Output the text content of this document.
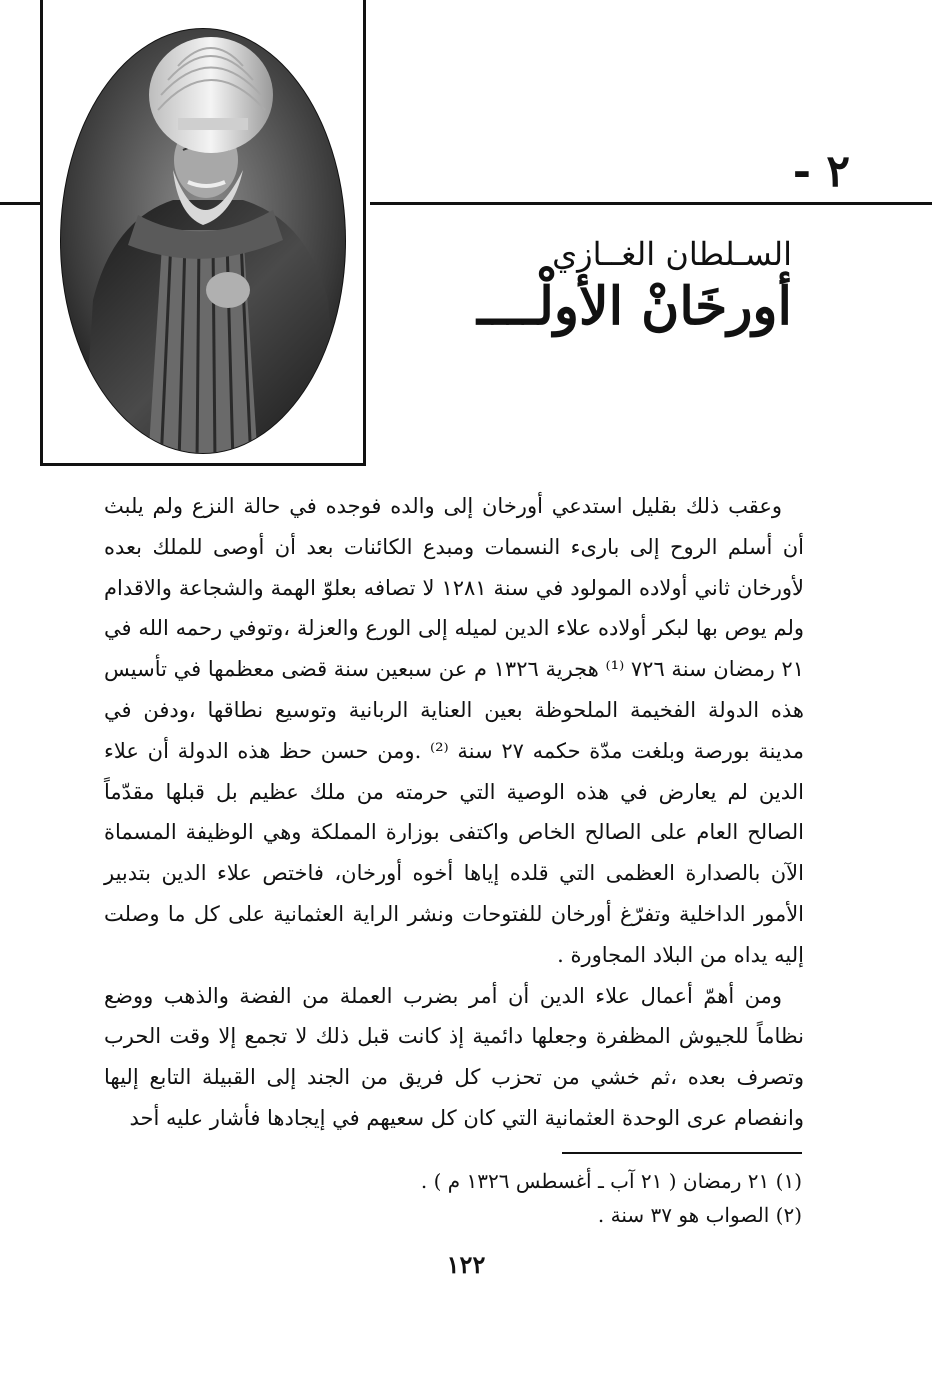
٢ -
السـلطان الغــازي
أورخَانْ الأولْــــ

وعقب ذلك بقليل استدعي أورخان إلى والده فوجده في حالة النزع ولم يلبث أن أسلم الروح إلى بارىء النسمات ومبدع الكائنات بعد أن أوصى للملك بعده لأورخان ثاني أولاده المولود في سنة ١٢٨١ لا تصافه بعلوّ الهمة والشجاعة والاقدام ولم يوص بها لبكر أولاده علاء الدين لميله إلى الورع والعزلة ،وتوفي رحمه الله في ٢١ رمضان سنة ٧٢٦ ⁽¹⁾ هجرية ١٣٢٦ م عن سبعين سنة قضى معظمها في تأسيس هذه الدولة الفخيمة الملحوظة بعين العناية الربانية وتوسيع نطاقها ،ودفن في مدينة بورصة وبلغت مدّة حكمه ٢٧ سنة ⁽²⁾ .ومن حسن حظ هذه الدولة أن علاء الدين لم يعارض في هذه الوصية التي حرمته من ملك عظيم بل قبلها مقدّماً الصالح العام على الصالح الخاص واكتفى بوزارة المملكة وهي الوظيفة المسماة الآن بالصدارة العظمى التي قلده إياها أخوه أورخان، فاختص علاء الدين بتدبير الأمور الداخلية وتفرّغ أورخان للفتوحات ونشر الراية العثمانية على كل ما وصلت إليه يداه من البلاد المجاورة .

ومن أهمّ أعمال علاء الدين أن أمر بضرب العملة من الفضة والذهب ووضع نظاماً للجيوش المظفرة وجعلها دائمية إذ كانت قبل ذلك لا تجمع إلا وقت الحرب وتصرف بعده ،ثم خشي من تحزب كل فريق من الجند إلى القبيلة التابع إليها وانفصام عرى الوحدة العثمانية التي كان كل سعيهم في إيجادها فأشار عليه أحد

(١) ٢١ رمضان ( ٢١ آب ـ أغسطس ١٣٢٦ م ) .
(٢) الصواب هو ٣٧ سنة .
١٢٢
